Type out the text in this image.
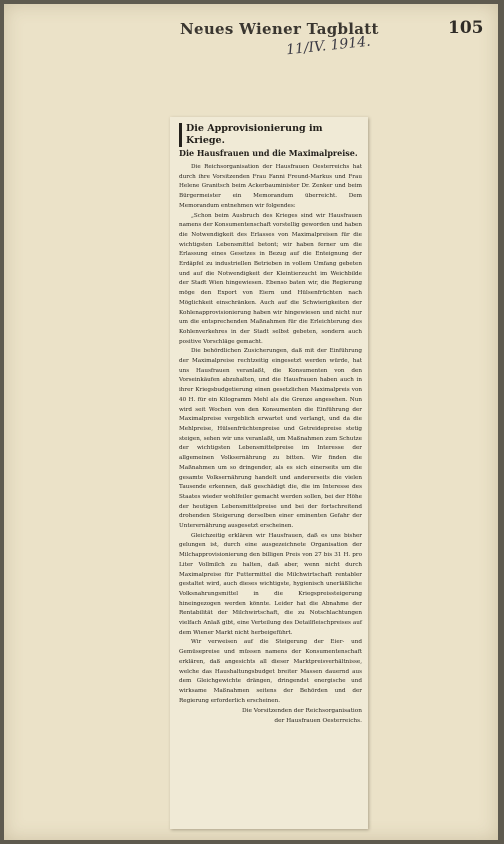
Neues Wiener Tagblatt	105
11/IV. 1914.
Die Approvisionierung im Kriege.
Die Hausfrauen und die Maximalpreise.

Die Reichsorganisation der Hausfrauen Oesterreichs hat durch ihre Vorsitzenden Frau Fanni Freund-Markus und Frau Helene Granitsch beim Ackerbauminister Dr. Zenker und beim Bürgermeister ein Memorandum überreicht. Dem Memorandum entnehmen wir folgendes:

„Schon beim Ausbruch des Krieges sind wir Hausfrauen namens der Konsumentenschaft vorstellig geworden und haben die Notwendigkeit des Erlasses von Maximalpreisen für die wichtigsten Lebensmittel betont; wir haben ferner um die Erlassung eines Gesetzes in Bezug auf die Enteignung der Erdäpfel zu industriellen Betrieben in vollem Umfang gebeten und auf die Notwendigkeit der Kleintierzucht im Weichbilde der Stadt Wien hingewiesen. Ebenso baten wir, die Regierung möge den Export von Eiern und Hülsenfrüchten nach Möglichkeit einschränken. Auch auf die Schwierigkeiten der Kohlenapprovisionierung haben wir hingewiesen und nicht nur um die entsprechenden Maßnahmen für die Erleichterung des Kohlenverkehres in der Stadt selbst gebeten, sondern auch positive Vorschläge gemacht.

Die behördlichen Zusicherungen, daß mit der Einführung der Maximalpreise rechtzeitig eingesetzt werden würde, hat uns Hausfrauen veranlaßt, die Konsumenten von den Vorseinkäufen abzuhalten, und die Hausfrauen haben auch in ihrer Kriegsbudgetierung einen gesetzlichen Maximalpreis von 40 H. für ein Kilogramm Mehl als die Grenze angesehen. Nun wird seit Wochen von den Konsumenten die Einführung der Maximalpreise vergeblich erwartet und verlangt, und da die Mehlpreise, Hülsenfrüchtenpreise und Getreidepreise stetig steigen, sehen wir uns veranlaßt, um Maßnahmen zum Schutze der wichtigsten Lebensmittelpreise im Interesse der allgemeinen Volksernährung zu bitten. Wir finden die Maßnahmen um so dringender, als es sich einerseits um die gesamte Volksernährung handelt und andererseits die vielen Tausende erkennen, daß geschädigt die, die im Interesse des Staates wieder wohlfeiler gemacht werden sollen, bei der Höhe der heutigen Lebensmittelpreise und bei der fortschreitend drohenden Steigerung derselben einer eminenten Gefahr der Unterernährung ausgesetzt erscheinen.

Gleichzeitig erklären wir Hausfrauen, daß es uns bisher gelungen ist, durch eine ausgezeichnete Organisation der Milchapprovisionierung den billigen Preis von 27 bis 31 H. pro Liter Vollmilch zu halten, daß aber, wenn nicht durch Maximalpreise für Futtermittel die Milchwirtschaft rentabler gestaltet wird, auch dieses wichtigste, hygienisch unerläßliche Volksnahrungsmittel in die Kriegspreissteigerung hineingezogen werden könnte. Leider hat die Abnahme der Rentabilität der Milchwirtschaft, die zu Notschlachtungen vielfach Anlaß gibt, eine Verteilung des Detailfleischpreises auf dem Wiener Markt nicht herbeigeführt.

Wir verweisen auf die Steigerung der Eier- und Gemüsepreise und müssen namens der Konsumentenschaft erklären, daß angesichts all dieser Marktpreisverhältnisse, welche das Haushaltungsbudget breiter Massen dauernd aus dem Gleichgewichte drängen, dringendst energische und wirksame Maßnahmen seitens der Behörden und der Regierung erforderlich erscheinen.

Die Vorsitzenden der Reichsorganisation
der Hausfrauen Oesterreichs.
